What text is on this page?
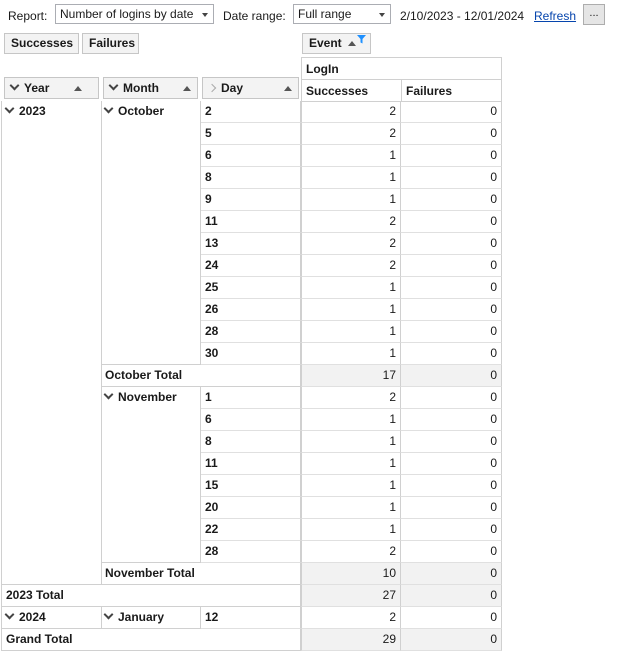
Report:	Number of logins by date	Date range:	Full range	2/10/2023 - 12/01/2024 Refresh	...
Successes	Failures	Event
LogIn
Successes	Failures
Year	Month	Day
2023	October	2	2	0
5	2	0
6	1	0
8	1	0
9	1	0
11	2	0
13	2	0
24	2	0
25	1	0
26	1	0
28	1	0
30	1	0
October Total	17	0
November	1	2	0
6	1	0
8	1	0
11	1	0
15	1	0
20	1	0
22	1	0
28	2	0
November Total	10	0
2023 Total	27	0
2024	January	12	2	0
Grand Total	29	0
